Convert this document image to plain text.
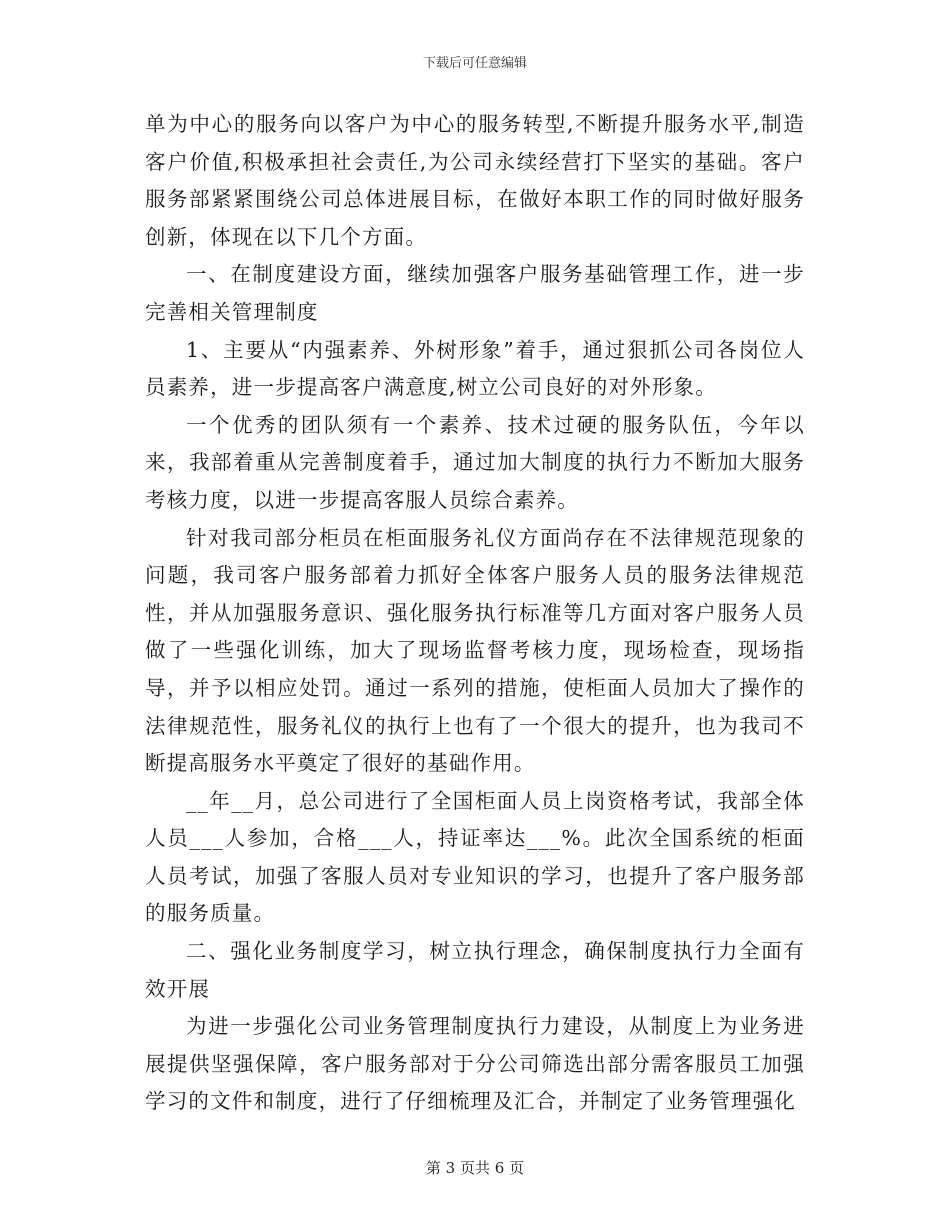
下载后可任意编辑

单为中心的服务向以客户为中心的服务转型,不断提升服务水平,制造客户价值,积极承担社会责任,为公司永续经营打下坚实的基础。客户服务部紧紧围绕公司总体进展目标，在做好本职工作的同时做好服务创新，体现在以下几个方面。

一、在制度建设方面，继续加强客户服务基础管理工作，进一步完善相关管理制度

1、主要从“内强素养、外树形象”着手，通过狠抓公司各岗位人员素养，进一步提高客户满意度,树立公司良好的对外形象。

一个优秀的团队须有一个素养、技术过硬的服务队伍，今年以来，我部着重从完善制度着手，通过加大制度的执行力不断加大服务考核力度，以进一步提高客服人员综合素养。

针对我司部分柜员在柜面服务礼仪方面尚存在不法律规范现象的问题，我司客户服务部着力抓好全体客户服务人员的服务法律规范性，并从加强服务意识、强化服务执行标准等几方面对客户服务人员做了一些强化训练，加大了现场监督考核力度，现场检查，现场指导，并予以相应处罚。通过一系列的措施，使柜面人员加大了操作的法律规范性，服务礼仪的执行上也有了一个很大的提升，也为我司不断提高服务水平奠定了很好的基础作用。

__年__月，总公司进行了全国柜面人员上岗资格考试，我部全体人员___人参加，合格___人，持证率达___%。此次全国系统的柜面人员考试，加强了客服人员对专业知识的学习，也提升了客户服务部的服务质量。

二、强化业务制度学习，树立执行理念，确保制度执行力全面有效开展

为进一步强化公司业务管理制度执行力建设，从制度上为业务进展提供坚强保障，客户服务部对于分公司筛选出部分需客服员工加强学习的文件和制度，进行了仔细梳理及汇合，并制定了业务管理强化

第 3 页共 6 页
